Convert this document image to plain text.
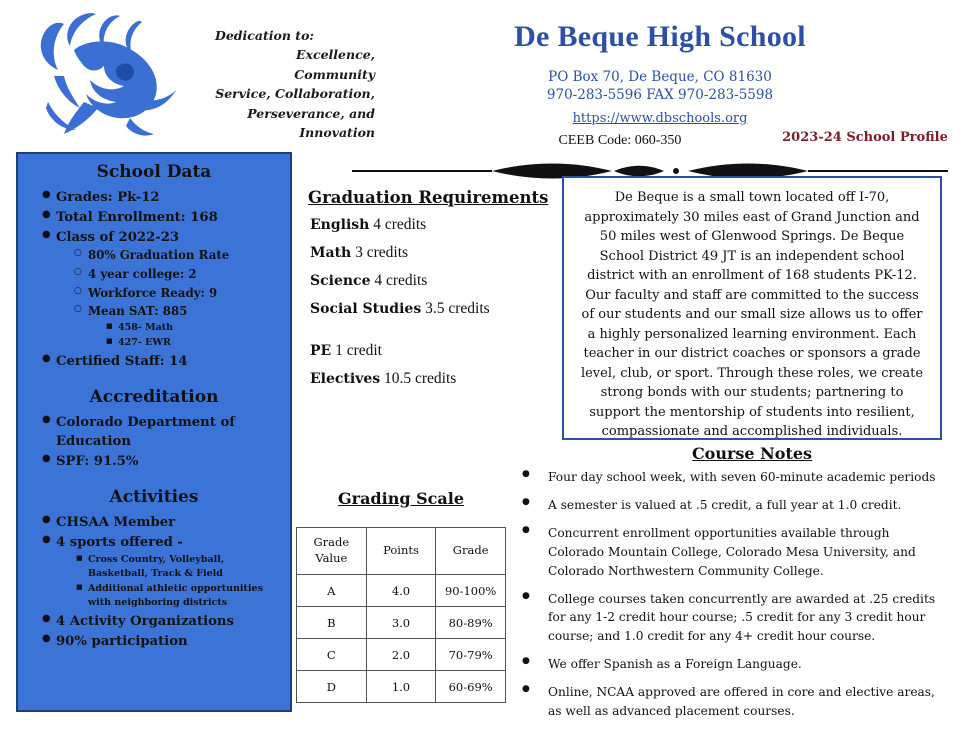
Dedication to:
Excellence, Community
Service, Collaboration,
Perseverance, and
Innovation
De Beque High School
PO Box 70, De Beque, CO 81630
970-283-5596 FAX 970-283-5598
https://www.dbschools.org
CEEB Code: 060-350	2023-24 School Profile
School Data
● Grades: Pk-12
● Total Enrollment: 168
● Class of 2022-23
○ 80% Graduation Rate
○ 4 year college: 2
○ Workforce Ready: 9
○ Mean SAT: 885
■ 458- Math
■ 427- EWR
● Certified Staff: 14
Accreditation
● Colorado Department of Education
● SPF: 91.5%
Activities
● CHSAA Member
● 4 sports offered -
■ Cross Country, Volleyball, Basketball, Track & Field
■ Additional athletic opportunities with neighboring districts
● 4 Activity Organizations
● 90% participation
Graduation Requirements
English 4 credits
Math 3 credits
Science 4 credits
Social Studies 3.5 credits
PE 1 credit
Electives 10.5 credits

De Beque is a small town located off I-70, approximately 30 miles east of Grand Junction and 50 miles west of Glenwood Springs. De Beque School District 49 JT is an independent school district with an enrollment of 168 students PK-12. Our faculty and staff are committed to the success of our students and our small size allows us to offer a highly personalized learning environment. Each teacher in our district coaches or sponsors a grade level, club, or sport. Through these roles, we create strong bonds with our students; partnering to support the mentorship of students into resilient, compassionate and accomplished individuals.

Course Notes
● Four day school week, with seven 60-minute academic periods
● A semester is valued at .5 credit, a full year at 1.0 credit.
● Concurrent enrollment opportunities available through Colorado Mountain College, Colorado Mesa University, and Colorado Northwestern Community College.
● College courses taken concurrently are awarded at .25 credits for any 1-2 credit hour course; .5 credit for any 3 credit hour course; and 1.0 credit for any 4+ credit hour course.
● We offer Spanish as a Foreign Language.
● Online, NCAA approved are offered in core and elective areas, as well as advanced placement courses.
Grading Scale
Grade Value	Points	Grade
A	4.0	90-100%
B	3.0	80-89%
C	2.0	70-79%
D	1.0	60-69%
